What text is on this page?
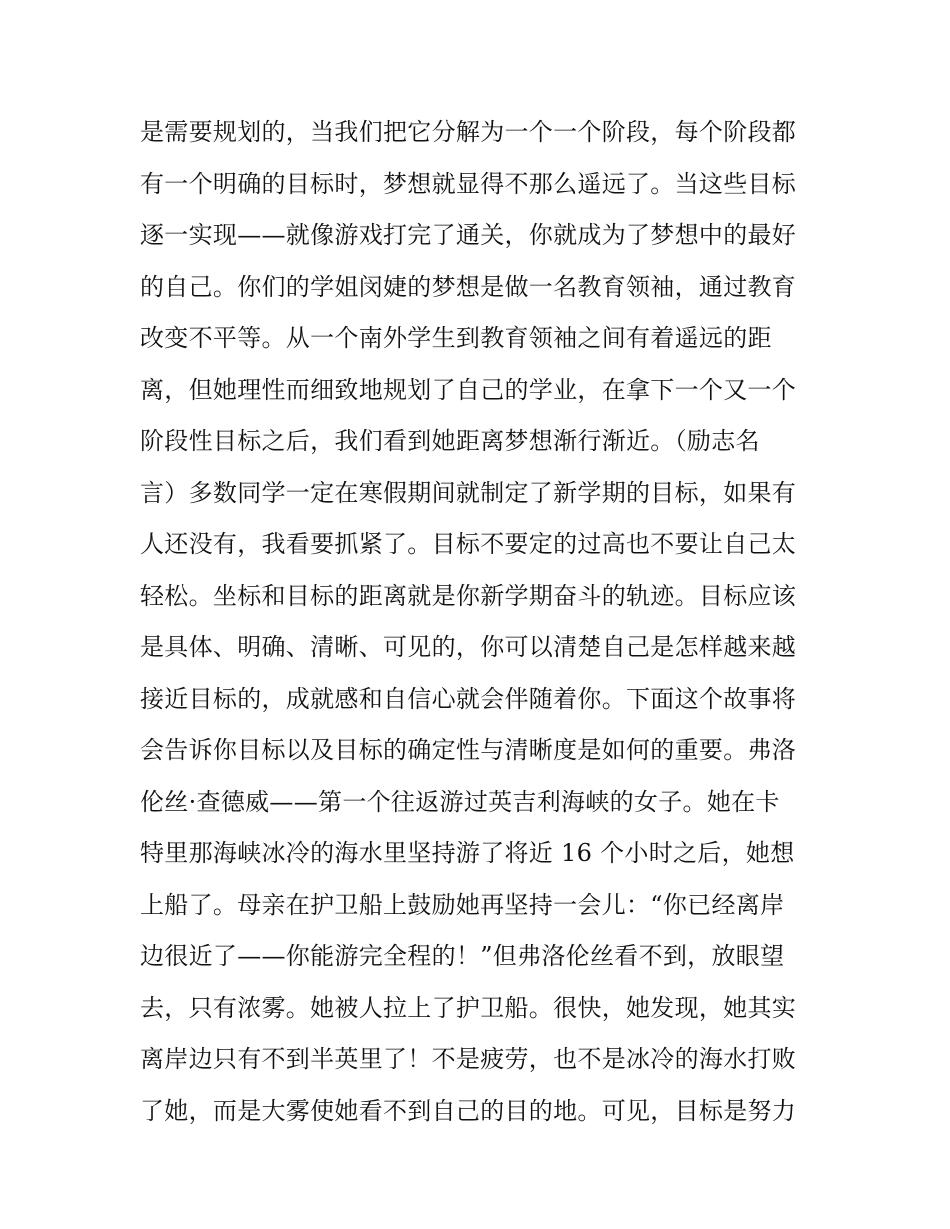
是需要规划的，当我们把它分解为一个一个阶段，每个阶段都
有一个明确的目标时，梦想就显得不那么遥远了。当这些目标
逐一实现——就像游戏打完了通关，你就成为了梦想中的最好
的自己。你们的学姐闵婕的梦想是做一名教育领袖，通过教育
改变不平等。从一个南外学生到教育领袖之间有着遥远的距
离，但她理性而细致地规划了自己的学业，在拿下一个又一个
阶段性目标之后，我们看到她距离梦想渐行渐近。（励志名
言）多数同学一定在寒假期间就制定了新学期的目标，如果有
人还没有，我看要抓紧了。目标不要定的过高也不要让自己太
轻松。坐标和目标的距离就是你新学期奋斗的轨迹。目标应该
是具体、明确、清晰、可见的，你可以清楚自己是怎样越来越
接近目标的，成就感和自信心就会伴随着你。下面这个故事将
会告诉你目标以及目标的确定性与清晰度是如何的重要。弗洛
伦丝·查德威——第一个往返游过英吉利海峡的女子。她在卡
特里那海峡冰冷的海水里坚持游了将近 16 个小时之后，她想
上船了。母亲在护卫船上鼓励她再坚持一会儿：“你已经离岸
边很近了——你能游完全程的！”但弗洛伦丝看不到，放眼望
去，只有浓雾。她被人拉上了护卫船。很快，她发现，她其实
离岸边只有不到半英里了！不是疲劳，也不是冰冷的海水打败
了她，而是大雾使她看不到自己的目的地。可见，目标是努力
